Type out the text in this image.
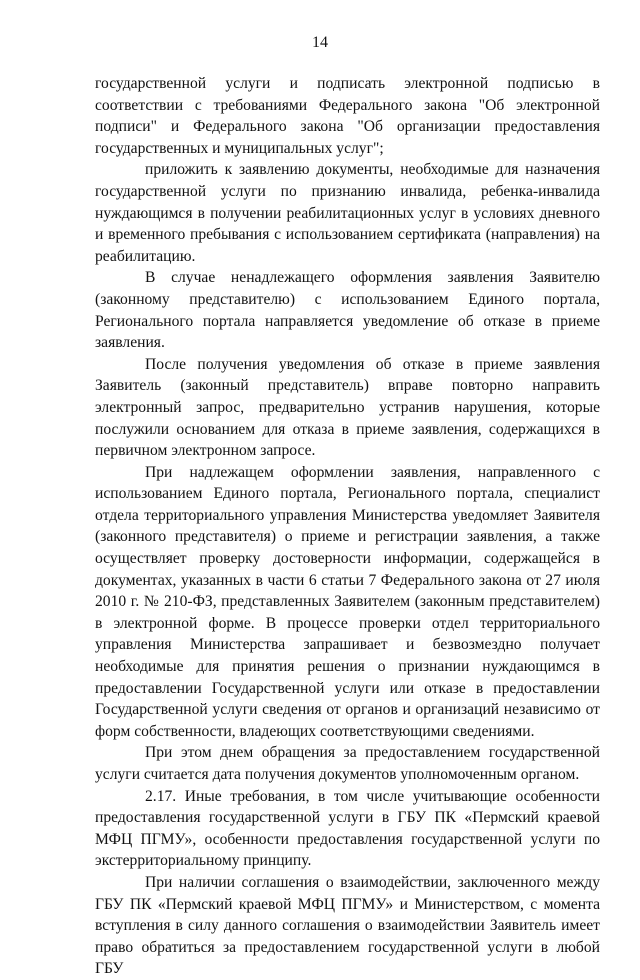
14

государственной услуги и подписать электронной подписью в соответствии с требованиями Федерального закона "Об электронной подписи" и Федерального закона "Об организации предоставления государственных и муниципальных услуг";

приложить к заявлению документы, необходимые для назначения государственной услуги по признанию инвалида, ребенка-инвалида нуждающимся в получении реабилитационных услуг в условиях дневного и временного пребывания с использованием сертификата (направления) на реабилитацию.

В случае ненадлежащего оформления заявления Заявителю (законному представителю) с использованием Единого портала, Регионального портала направляется уведомление об отказе в приеме заявления.

После получения уведомления об отказе в приеме заявления Заявитель (законный представитель) вправе повторно направить электронный запрос, предварительно устранив нарушения, которые послужили основанием для отказа в приеме заявления, содержащихся в первичном электронном запросе.

При надлежащем оформлении заявления, направленного с использованием Единого портала, Регионального портала, специалист отдела территориального управления Министерства уведомляет Заявителя (законного представителя) о приеме и регистрации заявления, а также осуществляет проверку достоверности информации, содержащейся в документах, указанных в части 6 статьи 7 Федерального закона от 27 июля 2010 г. № 210-ФЗ, представленных Заявителем (законным представителем) в электронной форме. В процессе проверки отдел территориального управления Министерства запрашивает и безвозмездно получает необходимые для принятия решения о признании нуждающимся в предоставлении Государственной услуги или отказе в предоставлении Государственной услуги сведения от органов и организаций независимо от форм собственности, владеющих соответствующими сведениями.

При этом днем обращения за предоставлением государственной услуги считается дата получения документов уполномоченным органом.

2.17. Иные требования, в том числе учитывающие особенности предоставления государственной услуги в ГБУ ПК «Пермский краевой МФЦ ПГМУ», особенности предоставления государственной услуги по экстерриториальному принципу.

При наличии соглашения о взаимодействии, заключенного между ГБУ ПК «Пермский краевой МФЦ ПГМУ» и Министерством, с момента вступления в силу данного соглашения о взаимодействии Заявитель имеет право обратиться за предоставлением государственной услуги в любой ГБУ
